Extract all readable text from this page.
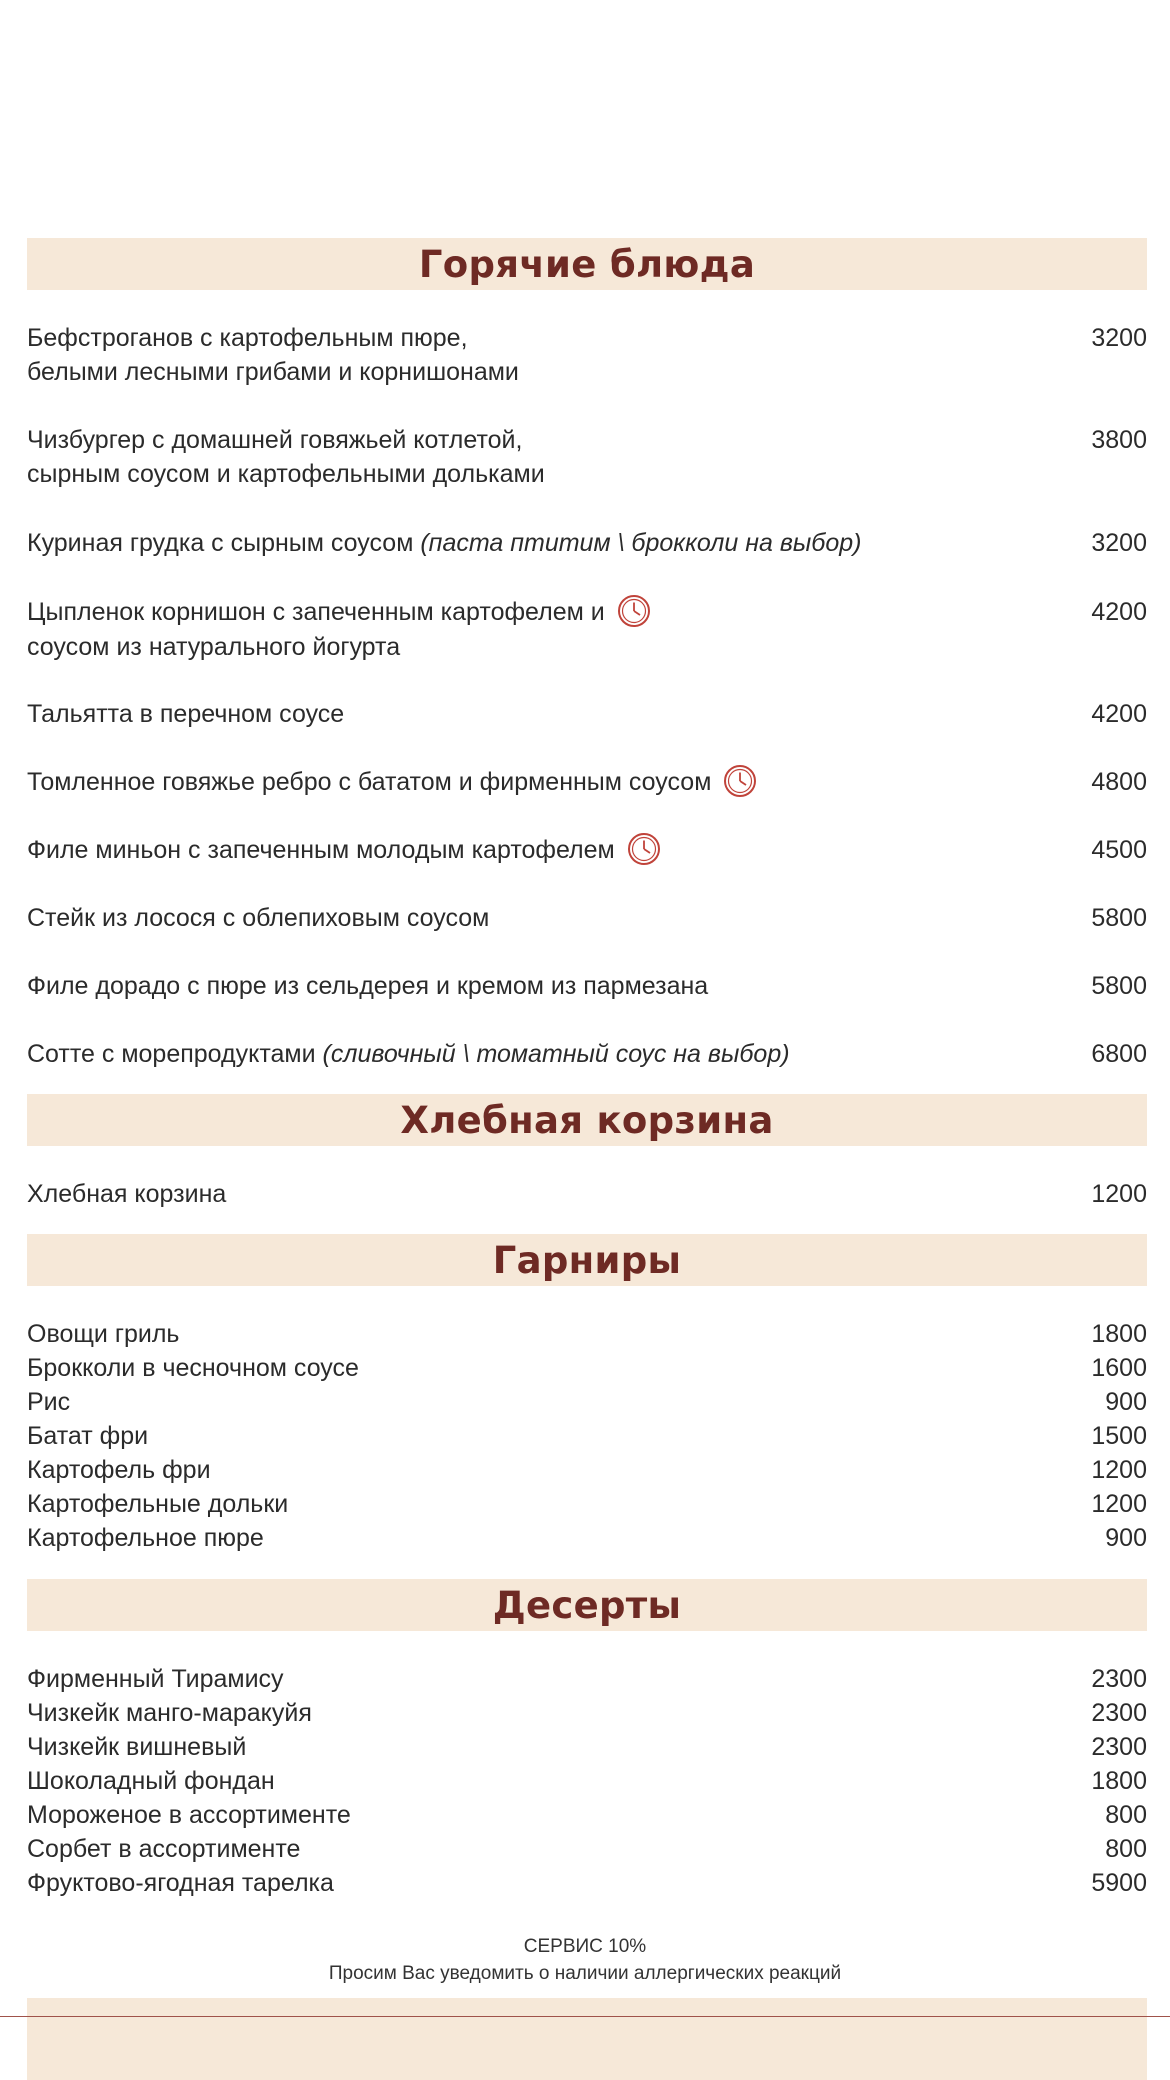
Горячие блюда
Бефстроганов с картофельным пюре,
белыми лесными грибами и корнишонами
3200
Чизбургер с домашней говяжьей котлетой,
сырным соусом и картофельными дольками
3800
Куриная грудка с сырным соусом (паста птитим \ брокколи на выбор)	3200
Цыпленок корнишон с запеченным картофелем и
соусом из натурального йогурта
4200
Тальятта в перечном соусе	4200
Томленное говяжье ребро с бататом и фирменным соусом	4800
Филе миньон с запеченным молодым картофелем	4500
Стейк из лосося с облепиховым соусом	5800
Филе дорадо с пюре из сельдерея и кремом из пармезана	5800
Сотте с морепродуктами (сливочный \ томатный соус на выбор)	6800
Хлебная корзина
Хлебная корзина	1200
Гарниры
Овощи гриль	1800
Брокколи в чесночном соусе	1600
Рис	900
Батат фри	1500
Картофель фри	1200
Картофельные дольки	1200
Картофельное пюре	900
Десерты
Фирменный Тирамису	2300
Чизкейк манго-маракуйя	2300
Чизкейк вишневый	2300
Шоколадный фондан	1800
Мороженое в ассортименте	800
Сорбет в ассортименте	800
Фруктово-ягодная тарелка	5900
СЕРВИС 10%
Просим Вас уведомить о наличии аллергических реакций
